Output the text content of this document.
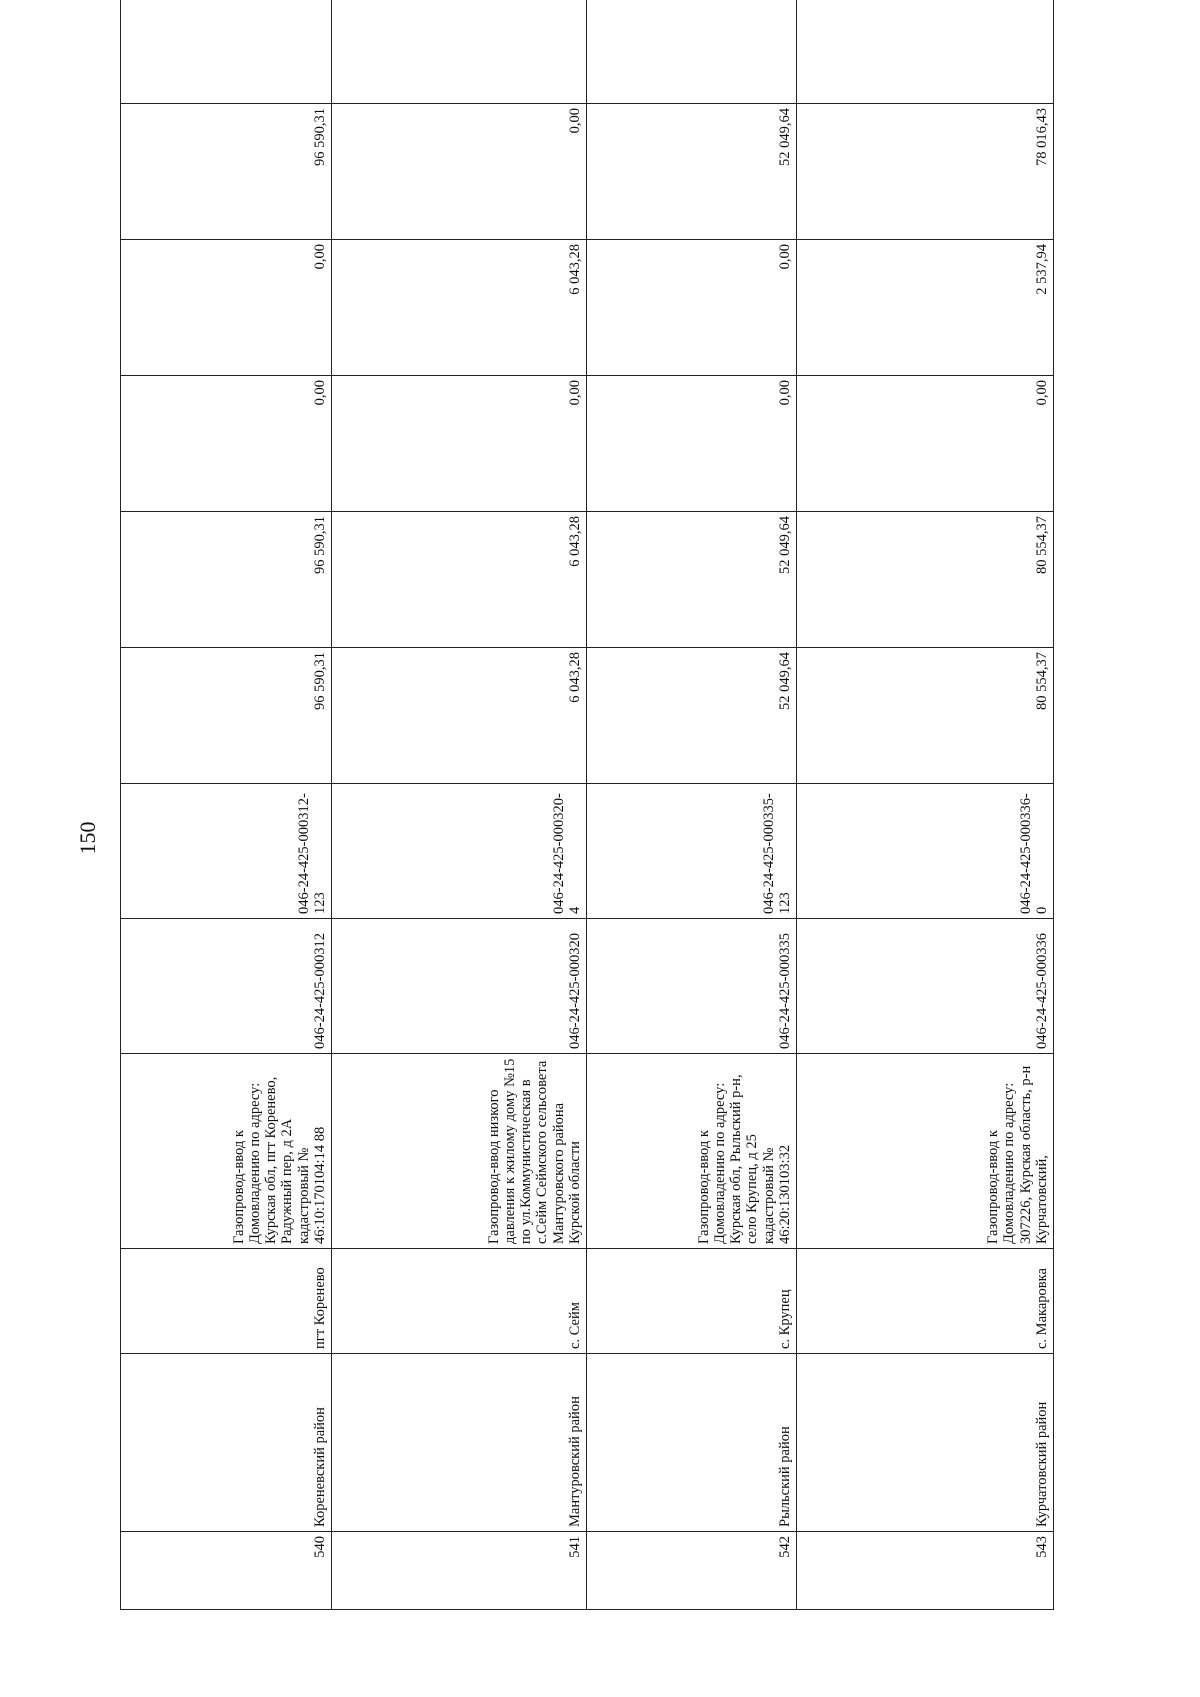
150
540	Кореневский район	пгт Коренево	Газопровод-ввод к Домовладению по адресу: Курская обл, пгт Коренево, Радужный пер, д 2А кадастровый № 46:10:170104:14 88	046-24-425-000312	046-24-425-000312-123	96 590,31	96 590,31	0,00	0,00	96 590,31	
541	Мантуровский район	с. Сейм	Газопровод-ввод низкого давления к жилому дому №15 по ул.Коммунистическая в с.Сейм Сеймского сельсовета Мантуровского района Курской области	046-24-425-000320	046-24-425-000320-4	6 043,28	6 043,28	0,00	6 043,28	0,00	
542	Рыльский район	с. Крупец	Газопровод-ввод к Домовладению по адресу: Курская обл, Рыльский р-н, село Крупец, д 25 кадастровый № 46:20:130103:32	046-24-425-000335	046-24-425-000335-123	52 049,64	52 049,64	0,00	0,00	52 049,64	
543	Курчатовский район	с. Макаровка	Газопровод-ввод к Домовладению по адресу: 307226, Курская область, р-н Курчатовский,	046-24-425-000336	046-24-425-000336-0	80 554,37	80 554,37	0,00	2 537,94	78 016,43	
